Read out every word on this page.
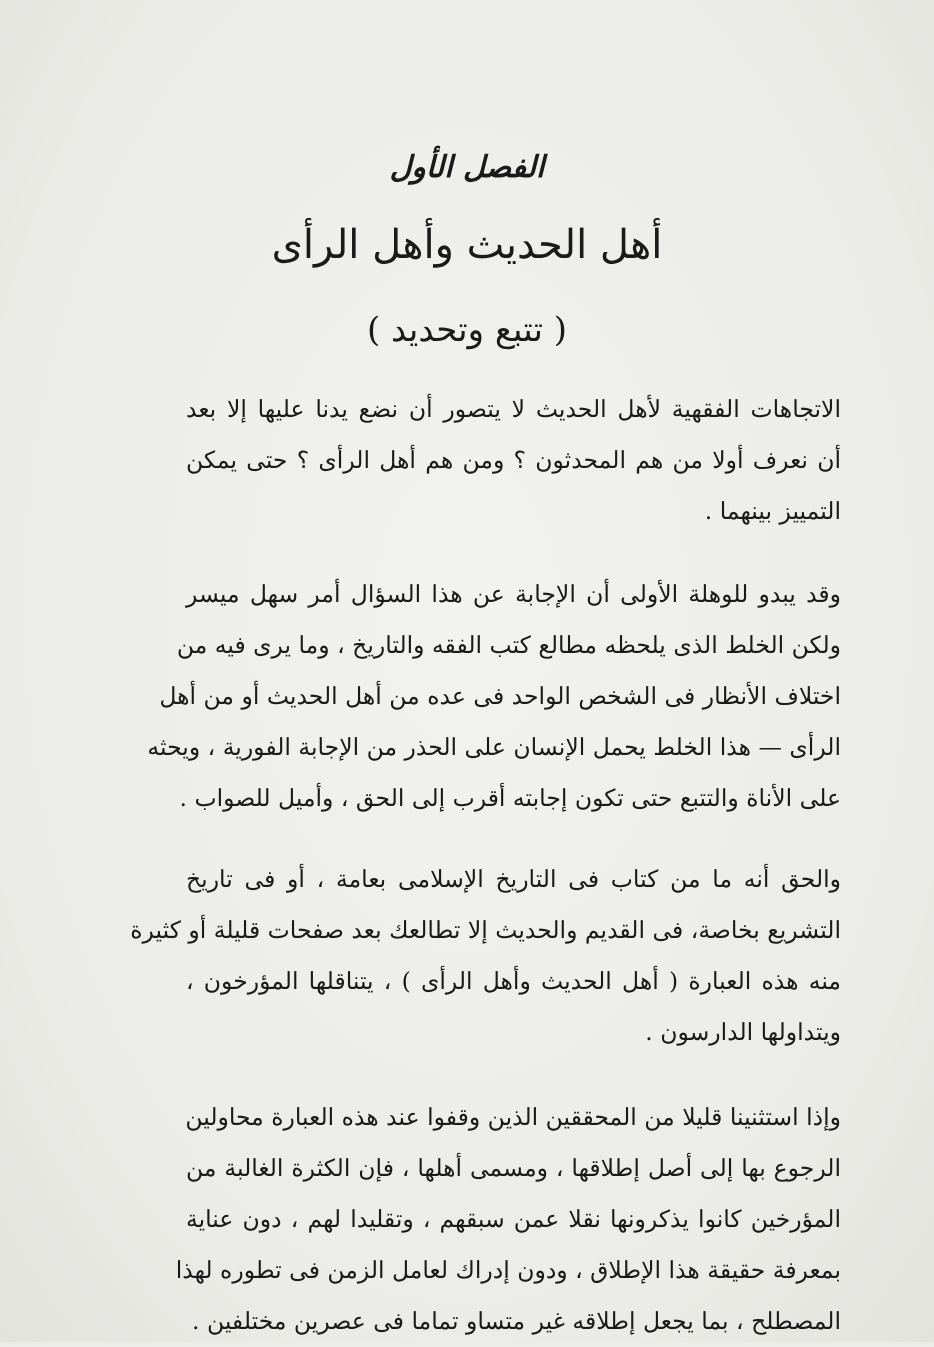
الفصل الأول
أهل الحديث وأهل الرأى
( تتبع وتحديد )

الاتجاهات الفقهية لأهل الحديث لا يتصور أن نضع يدنا عليها إلا بعد
أن نعرف أولا من هم المحدثون ؟ ومن هم أهل الرأى ؟ حتى يمكن
التمييز بينهما .

وقد يبدو للوهلة الأولى أن الإجابة عن هذا السؤال أمر سهل ميسر
ولكن الخلط الذى يلحظه مطالع كتب الفقه والتاريخ ، وما يرى فيه من
اختلاف الأنظار فى الشخص الواحد فى عده من أهل الحديث أو من أهل
الرأى — هذا الخلط يحمل الإنسان على الحذر من الإجابة الفورية ، ويحثه
على الأناة والتتبع حتى تكون إجابته أقرب إلى الحق ، وأميل للصواب .

والحق أنه ما من كتاب فى التاريخ الإسلامى بعامة ، أو فى تاريخ
التشريع بخاصة، فى القديم والحديث إلا تطالعك بعد صفحات قليلة أو كثيرة
منه هذه العبارة ( أهل الحديث وأهل الرأى ) ، يتناقلها المؤرخون ،
ويتداولها الدارسون .

وإذا استثنينا قليلا من المحققين الذين وقفوا عند هذه العبارة محاولين
الرجوع بها إلى أصل إطلاقها ، ومسمى أهلها ، فإن الكثرة الغالبة من
المؤرخين كانوا يذكرونها نقلا عمن سبقهم ، وتقليدا لهم ، دون عناية
بمعرفة حقيقة هذا الإطلاق ، ودون إدراك لعامل الزمن فى تطوره لهذا
المصطلح ، بما يجعل إطلاقه غير متساو تماما فى عصرين مختلفين .
